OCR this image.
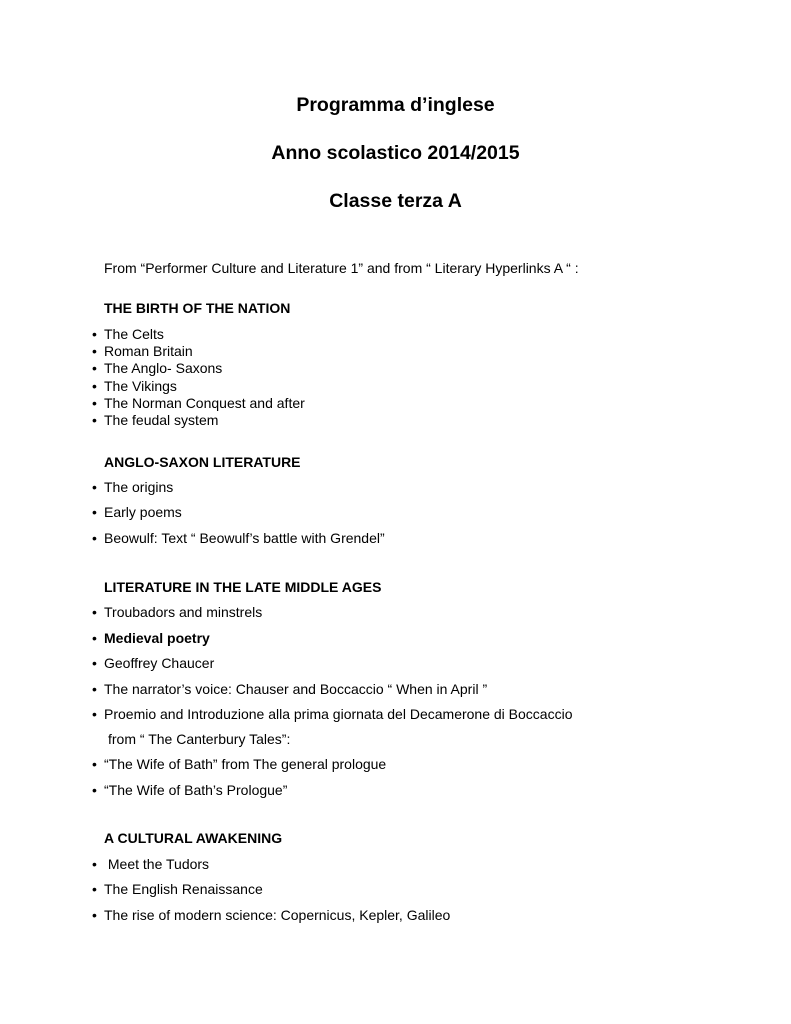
Programma d’inglese
Anno scolastico 2014/2015
Classe terza A
From “Performer Culture and Literature 1” and from “ Literary Hyperlinks A “ :
THE BIRTH OF THE NATION
• The Celts
• Roman Britain
• The Anglo- Saxons
• The Vikings
• The Norman Conquest and after
• The feudal system
ANGLO-SAXON LITERATURE
• The origins
• Early poems
• Beowulf: Text “ Beowulf’s battle with Grendel”
LITERATURE IN THE LATE MIDDLE AGES
• Troubadors and minstrels
• Medieval poetry
• Geoffrey Chaucer
• The narrator’s voice: Chauser and Boccaccio “ When in April ”
• Proemio and Introduzione alla prima giornata del Decamerone di Boccaccio
from “ The Canterbury Tales”:
• “The Wife of Bath” from The general prologue
• “The Wife of Bath’s Prologue”
A CULTURAL AWAKENING
• Meet the Tudors
• The English Renaissance
• The rise of modern science: Copernicus, Kepler, Galileo
